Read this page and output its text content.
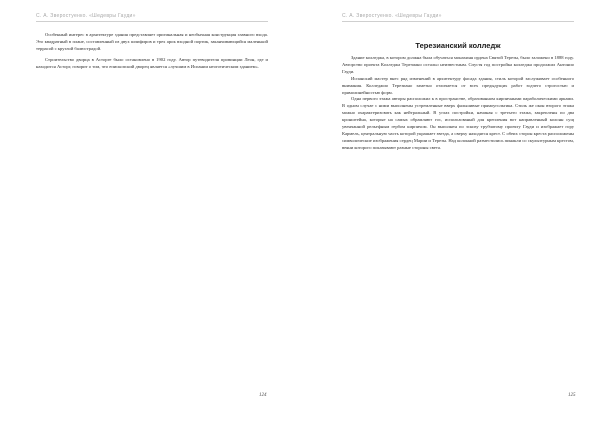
С. А. Зверостуенко. «Шедевры Гауди»

Особенный интерес в архитектуре здания представляет оригинальная и необычная конструкция главного входа. Это квадратный в плане, составленный из двух шпифиров и трех арок входной портик, заканчивающийся маленькой террасой с круглой балюстрадой.

Строительство дворца в Асторге было остановлено в 1902 году. Автор путеводителя провинции Леон, где и находится Асторг, говорит о том, что епископский дворец является «лучшим в Испании неоготическим зданием».

124
С. А. Зверостуенко. «Шедевры Гауди»
Терезианский колледж

Здание колледжа, в котором должна была обучаться монахиня ордена Святой Терезы, было заложено в 1888 году. Авторство проекта Колледжа Терезиано остальо неизвестным. Спустя год постройка колледжа продолжил Антонио Гауди.

Испанский мастер внес ряд изменений в архитектуру фасада здания, стиль которой заслуживает особенного внимания. Колледжио Терезиано заметно отличается от всех предыдущих работ зодчего строгостью и прямолинейностью форм.

Одна первого этажа авторы расположил к в пространстве, образованном кирпичными параболическими арками. В одном случае с ними выполнены устремленные вверх фальшивые прямоугольтика. Стиль же окон второго этажа можно охарактеризовать как нейтральный. В углах постройки, начиная с третьего этажа, закреплены по два кронштейна, которые на самых обрамляют гос, использованый для крепления вот направленный колонн сущ увенчанной рельефным гербом кирпичом. Он выполнен по эскизу трубчатому проекту Гауди и изображает гору Кармель, центральную часть которой украшает звезда, а сверху находятся крест. С обеих сторон креста расположены символические изображения сердец Марии и Терезы. Над колонной разместились пинакли со скульптурным крестом, веяни которого показывают разные стороны света.

125
